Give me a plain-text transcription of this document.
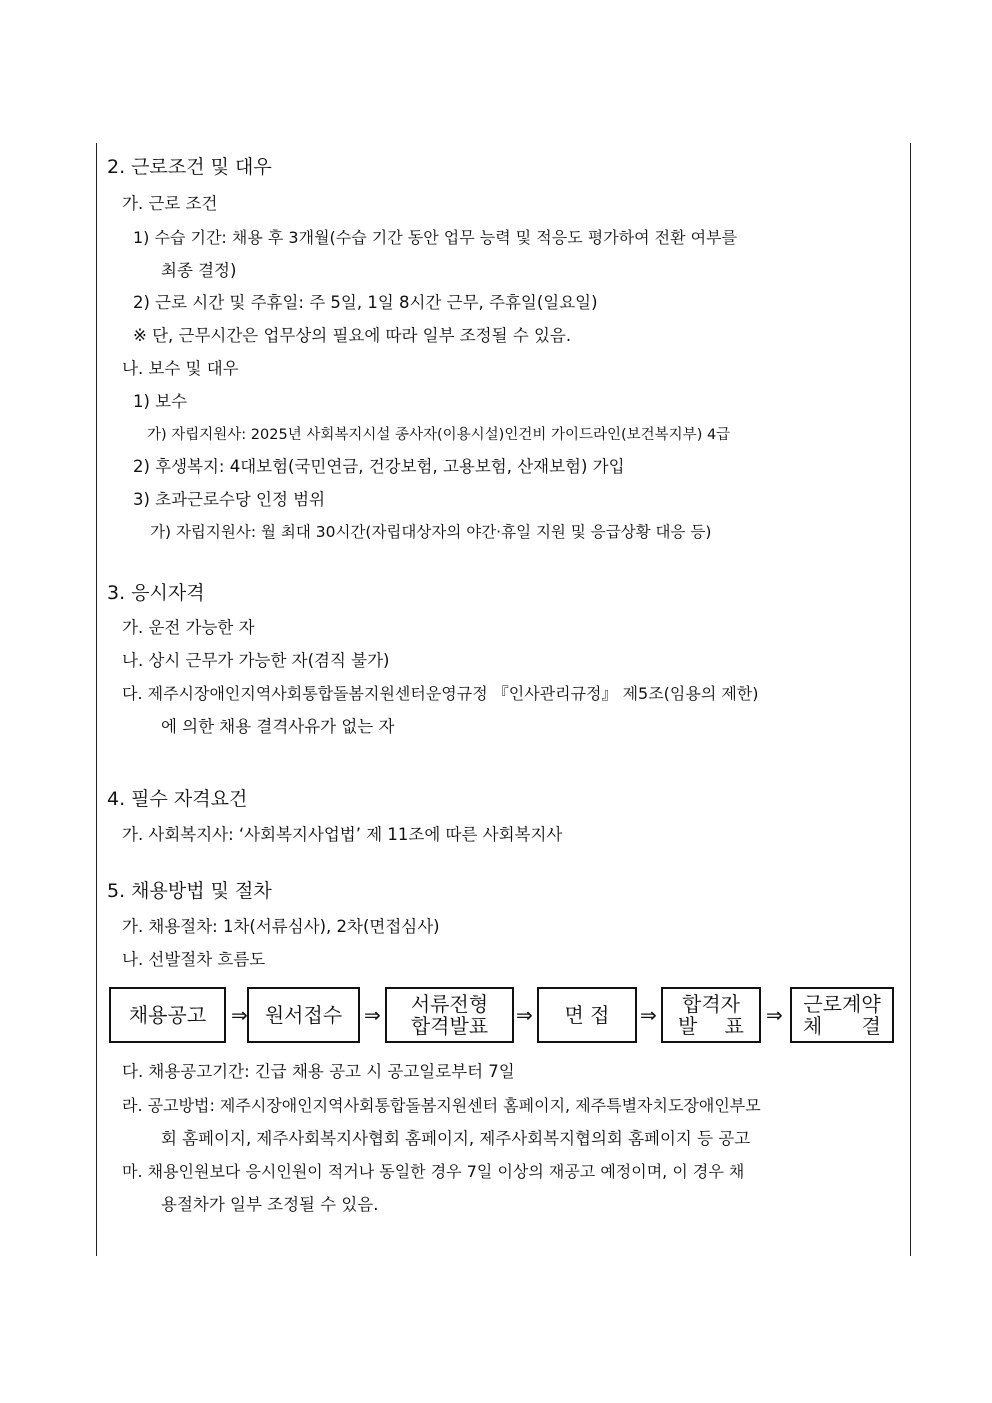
2. 근로조건 및 대우
가. 근로 조건
1) 수습 기간: 채용 후 3개월(수습 기간 동안 업무 능력 및 적응도 평가하여 전환 여부를
최종 결정)
2) 근로 시간 및 주휴일: 주 5일, 1일 8시간 근무, 주휴일(일요일)
※ 단, 근무시간은 업무상의 필요에 따라 일부 조정될 수 있음.
나. 보수 및 대우
1) 보수
가) 자립지원사: 2025년 사회복지시설 종사자(이용시설)인건비 가이드라인(보건복지부) 4급
2) 후생복지: 4대보험(국민연금, 건강보험, 고용보험, 산재보험) 가입
3) 초과근로수당 인정 범위
가) 자립지원사: 월 최대 30시간(자립대상자의 야간·휴일 지원 및 응급상황 대응 등)
3. 응시자격
가. 운전 가능한 자
나. 상시 근무가 가능한 자(겸직 불가)
다. 제주시장애인지역사회통합돌봄지원센터운영규정 『인사관리규정』 제5조(임용의 제한)
에 의한 채용 결격사유가 없는 자
4. 필수 자격요건
가. 사회복지사: ‘사회복지사업법’ 제 11조에 따른 사회복지사
5. 채용방법 및 절차
가. 채용절차: 1차(서류심사), 2차(면접심사)
나. 선발절차 흐름도
채용공고 ⇒ 원서접수 ⇒ 서류전형
합격발표 ⇒ 면 접 ⇒ 합격자
발 표 ⇒ 근로계약
체 결
다. 채용공고기간: 긴급 채용 공고 시 공고일로부터 7일
라. 공고방법: 제주시장애인지역사회통합돌봄지원센터 홈페이지, 제주특별자치도장애인부모
회 홈페이지, 제주사회복지사협회 홈페이지, 제주사회복지협의회 홈페이지 등 공고
마. 채용인원보다 응시인원이 적거나 동일한 경우 7일 이상의 재공고 예정이며, 이 경우 채
용절차가 일부 조정될 수 있음.
